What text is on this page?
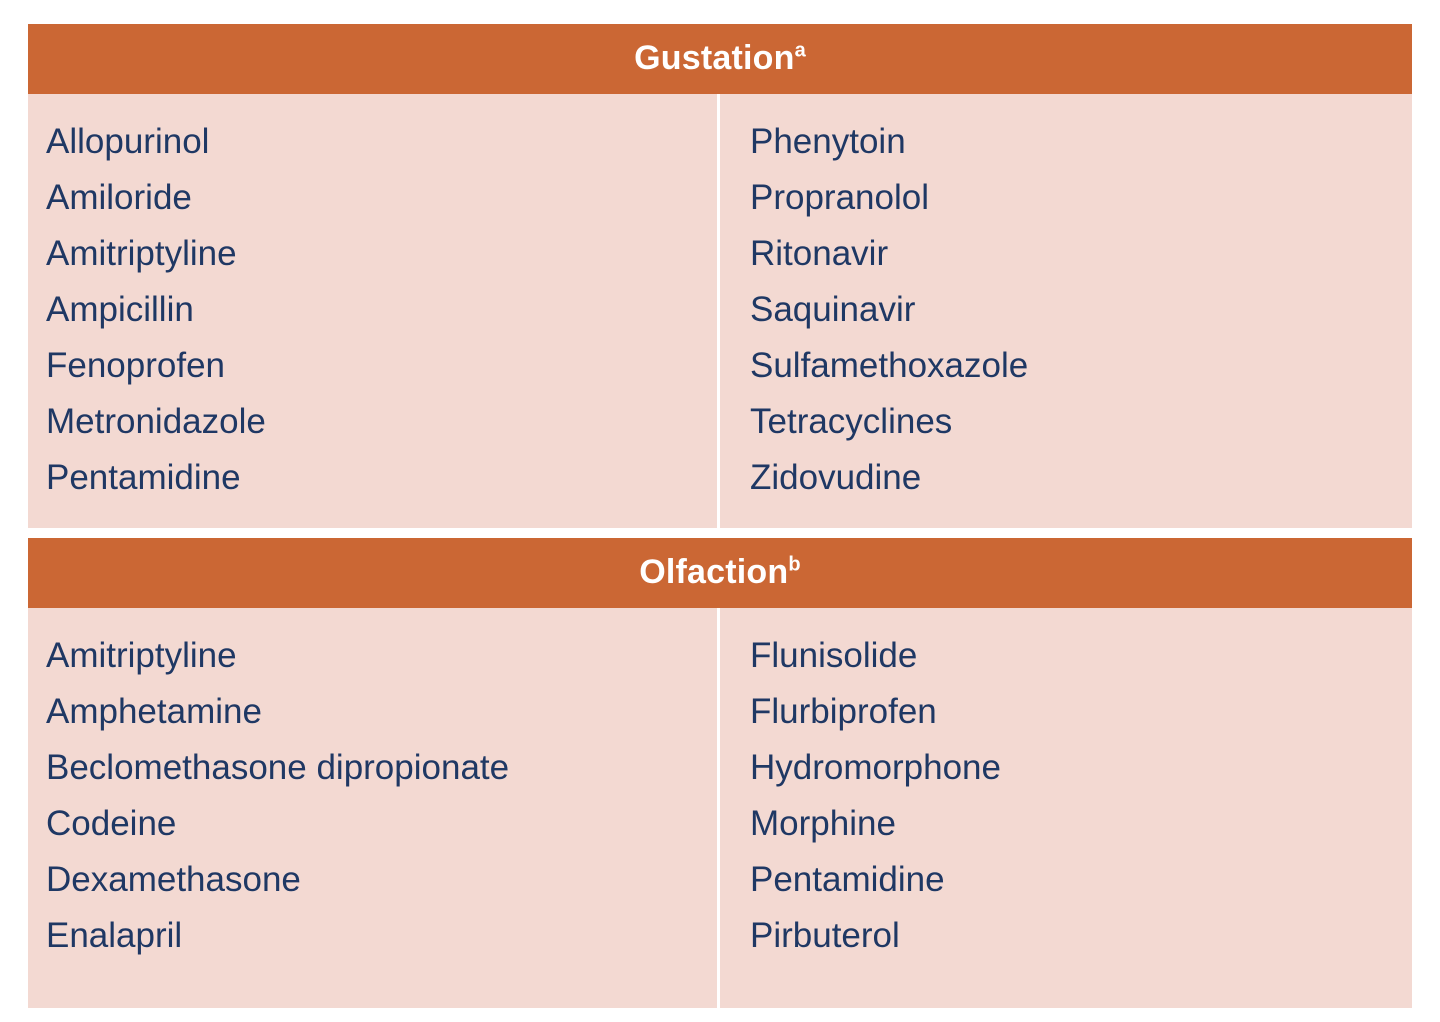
Gustation$^a$
Allopurinol
Amiloride
Amitriptyline
Ampicillin
Fenoprofen
Metronidazole
Pentamidine
Phenytoin
Propranolol
Ritonavir
Saquinavir
Sulfamethoxazole
Tetracyclines
Zidovudine
Olfaction$^b$
Amitriptyline
Amphetamine
Beclomethasone dipropionate
Codeine
Dexamethasone
Enalapril
Flunisolide
Flurbiprofen
Hydromorphone
Morphine
Pentamidine
Pirbuterol
